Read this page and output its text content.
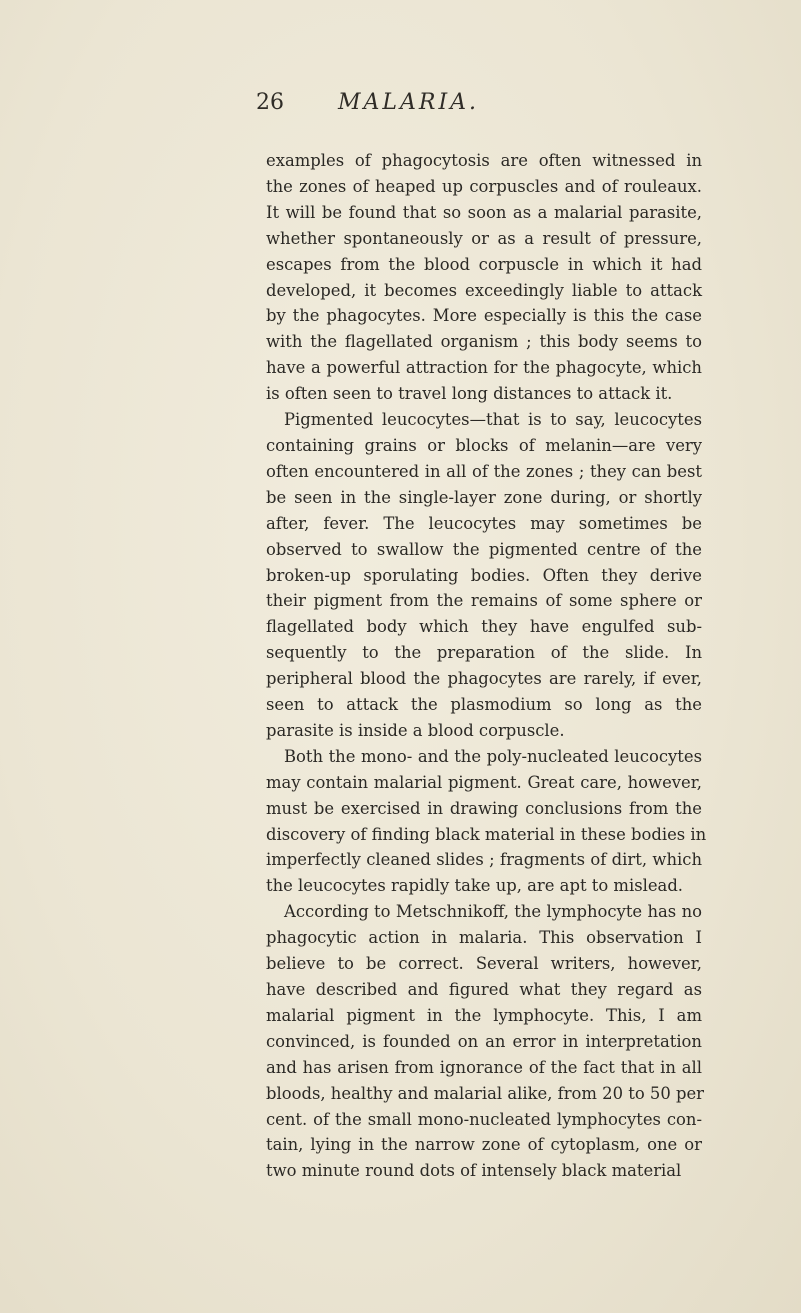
26 MALARIA.
examples of phagocytosis are often witnessed in
the zones of heaped up corpuscles and of rouleaux.
It will be found that so soon as a malarial parasite,
whether spontaneously or as a result of pressure,
escapes from the blood corpuscle in which it had
developed, it becomes exceedingly liable to attack
by the phagocytes. More especially is this the case
with the flagellated organism ; this body seems to
have a powerful attraction for the phagocyte, which
is often seen to travel long distances to attack it.
Pigmented leucocytes—that is to say, leucocytes
containing grains or blocks of melanin—are very
often encountered in all of the zones ; they can best
be seen in the single-layer zone during, or shortly
after, fever. The leucocytes may sometimes be
observed to swallow the pigmented centre of the
broken-up sporulating bodies. Often they derive
their pigment from the remains of some sphere or
flagellated body which they have engulfed sub-
sequently to the preparation of the slide. In
peripheral blood the phagocytes are rarely, if ever,
seen to attack the plasmodium so long as the
parasite is inside a blood corpuscle.
Both the mono- and the poly-nucleated leucocytes
may contain malarial pigment. Great care, however,
must be exercised in drawing conclusions from the
discovery of finding black material in these bodies in
imperfectly cleaned slides ; fragments of dirt, which
the leucocytes rapidly take up, are apt to mislead.
According to Metschnikoff, the lymphocyte has no
phagocytic action in malaria. This observation I
believe to be correct. Several writers, however,
have described and figured what they regard as
malarial pigment in the lymphocyte. This, I am
convinced, is founded on an error in interpretation
and has arisen from ignorance of the fact that in all
bloods, healthy and malarial alike, from 20 to 50 per
cent. of the small mono-nucleated lymphocytes con-
tain, lying in the narrow zone of cytoplasm, one or
two minute round dots of intensely black material
